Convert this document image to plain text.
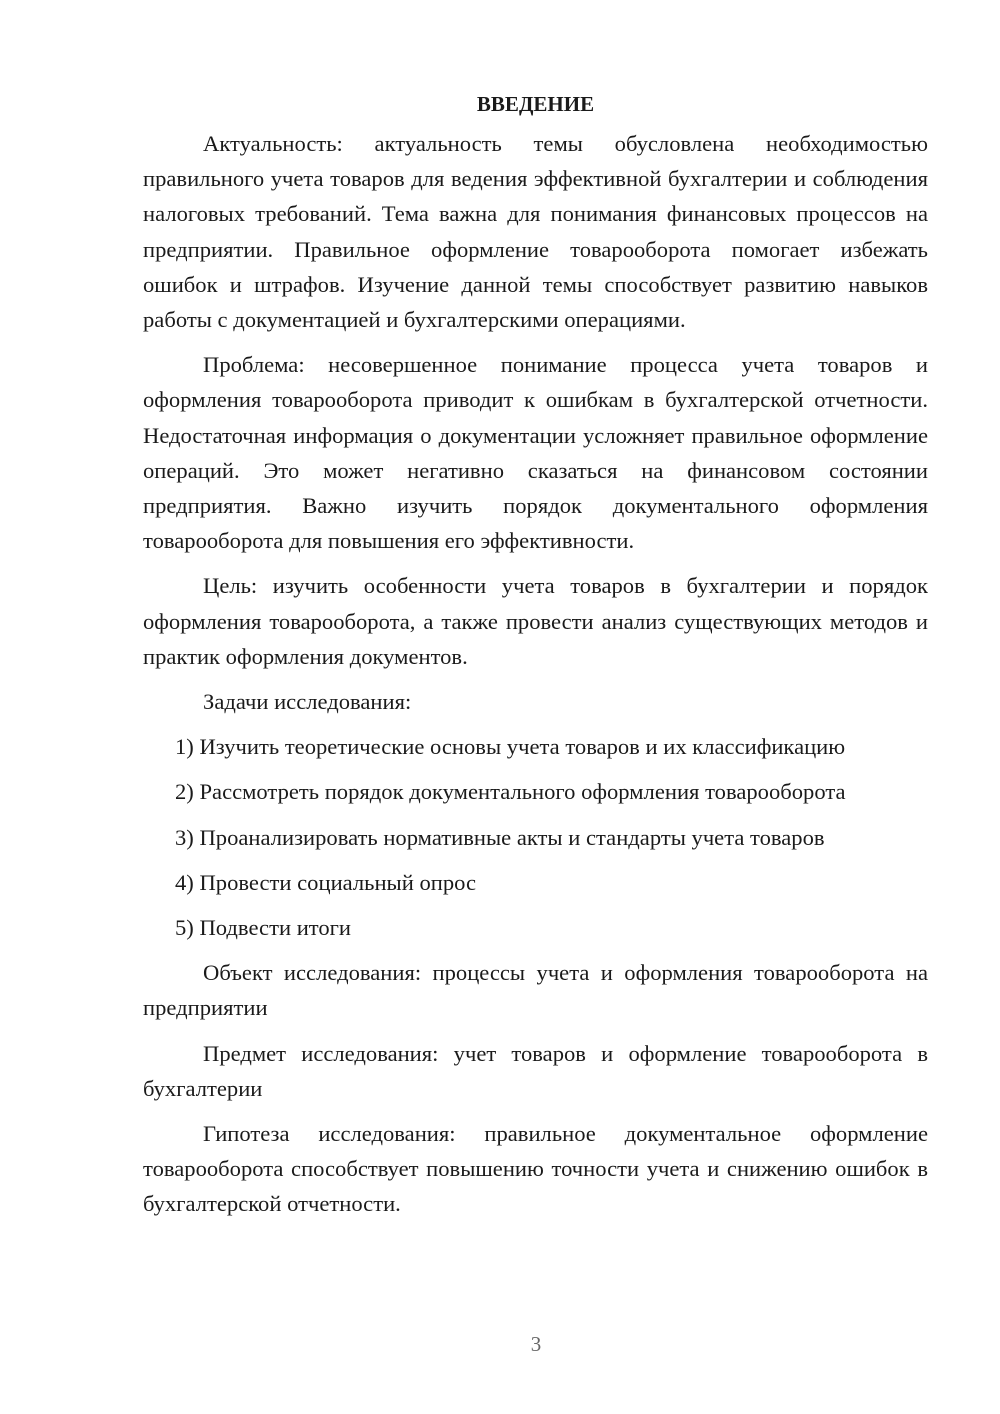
ВВЕДЕНИЕ

Актуальность: актуальность темы обусловлена необходимостью правильного учета товаров для ведения эффективной бухгалтерии и соблюдения налоговых требований. Тема важна для понимания финансовых процессов на предприятии. Правильное оформление товарооборота помогает избежать ошибок и штрафов. Изучение данной темы способствует развитию навыков работы с документацией и бухгалтерскими операциями.

Проблема: несовершенное понимание процесса учета товаров и оформления товарооборота приводит к ошибкам в бухгалтерской отчетности. Недостаточная информация о документации усложняет правильное оформление операций. Это может негативно сказаться на финансовом состоянии предприятия. Важно изучить порядок документального оформления товарооборота для повышения его эффективности.

Цель: изучить особенности учета товаров в бухгалтерии и порядок оформления товарооборота, а также провести анализ существующих методов и практик оформления документов.

Задачи исследования:

1) Изучить теоретические основы учета товаров и их классификацию

2) Рассмотреть порядок документального оформления товарооборота

3) Проанализировать нормативные акты и стандарты учета товаров

4) Провести социальный опрос

5) Подвести итоги

Объект исследования: процессы учета и оформления товарооборота на предприятии

Предмет исследования: учет товаров и оформление товарооборота в бухгалтерии

Гипотеза исследования: правильное документальное оформление товарооборота способствует повышению точности учета и снижению ошибок в бухгалтерской отчетности.

3
